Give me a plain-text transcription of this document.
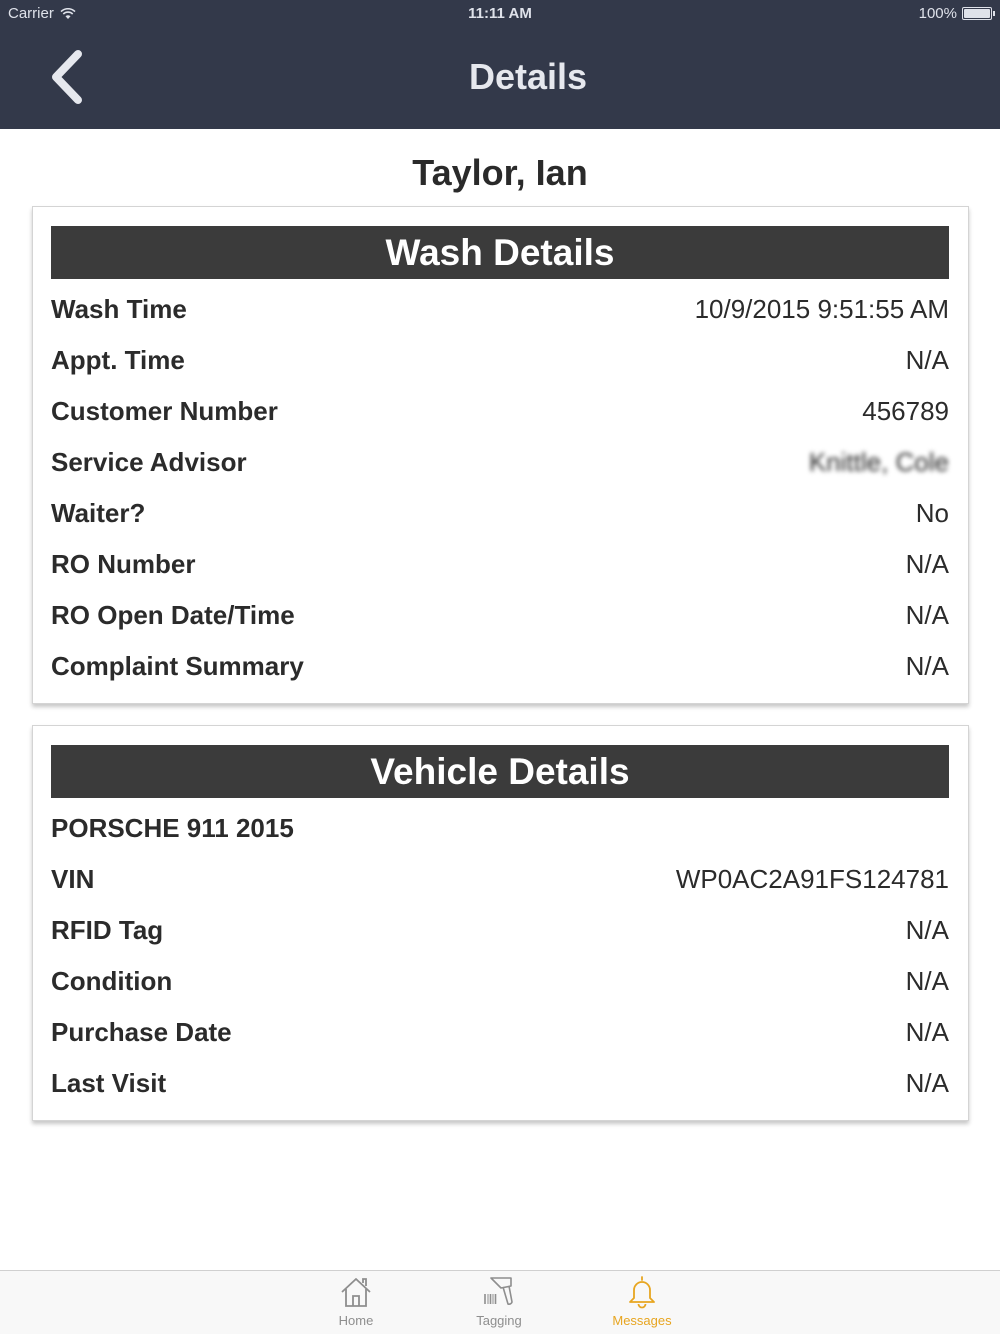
Carrier	11:11 AM	100%
Details
Taylor, Ian
Wash Details
Wash Time	10/9/2015 9:51:55 AM
Appt. Time	N/A
Customer Number	456789
Service Advisor	Knittle, Cole
Waiter?	No
RO Number	N/A
RO Open Date/Time	N/A
Complaint Summary	N/A
Vehicle Details
PORSCHE 911 2015
VIN	WP0AC2A91FS124781
RFID Tag	N/A
Condition	N/A
Purchase Date	N/A
Last Visit	N/A
Home	Tagging	Messages
